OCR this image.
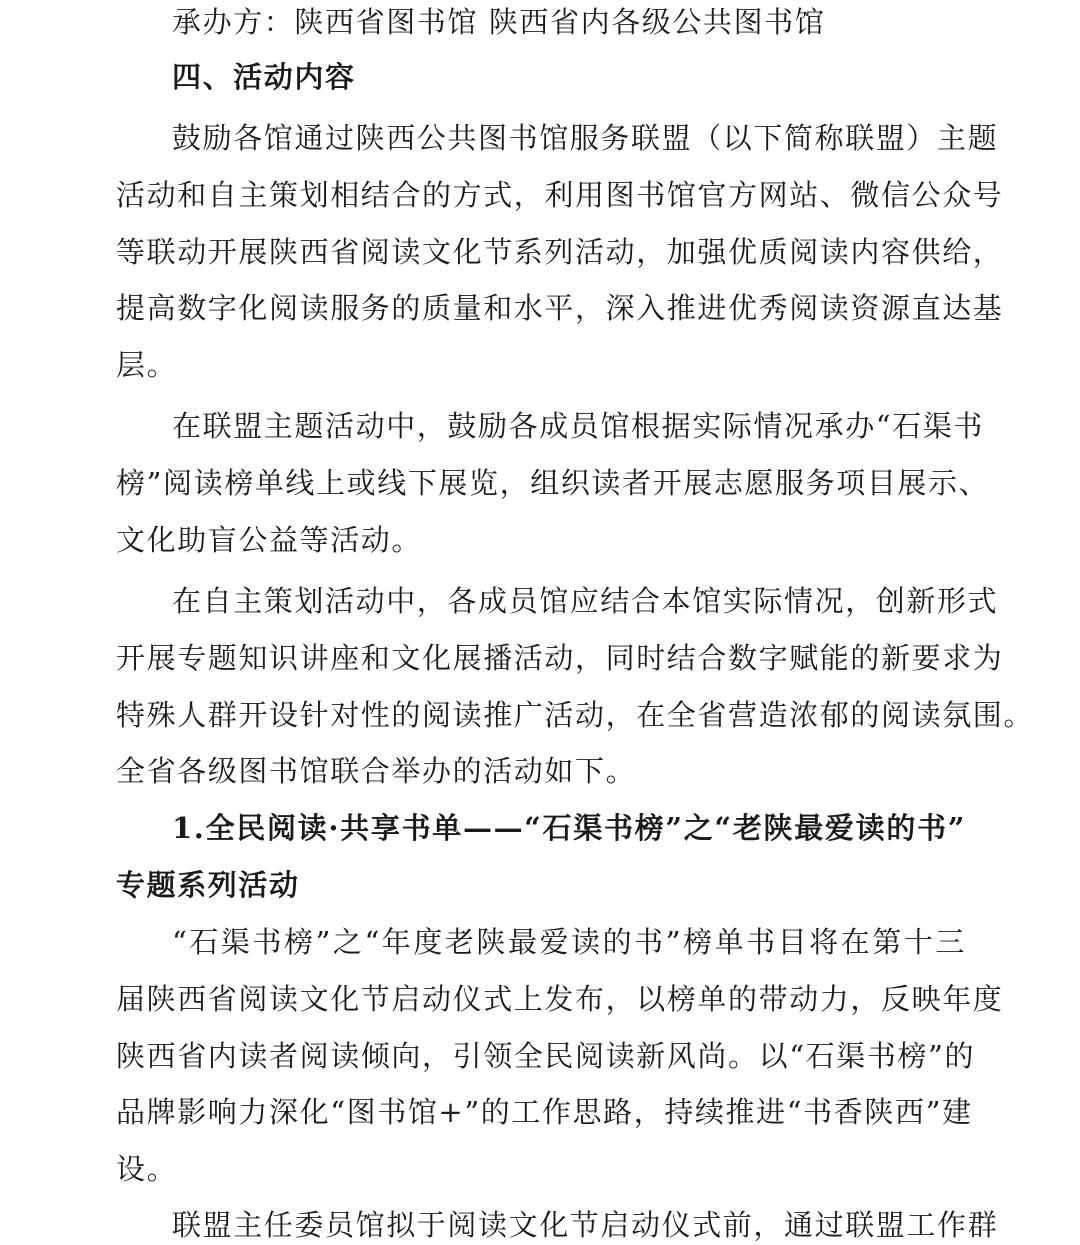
承办方：陕西省图书馆 陕西省内各级公共图书馆
四、活动内容
鼓励各馆通过陕西公共图书馆服务联盟（以下简称联盟）主题
活动和自主策划相结合的方式，利用图书馆官方网站、微信公众号
等联动开展陕西省阅读文化节系列活动，加强优质阅读内容供给，
提高数字化阅读服务的质量和水平，深入推进优秀阅读资源直达基
层。
在联盟主题活动中，鼓励各成员馆根据实际情况承办“石渠书
榜”阅读榜单线上或线下展览，组织读者开展志愿服务项目展示、
文化助盲公益等活动。
在自主策划活动中，各成员馆应结合本馆实际情况，创新形式
开展专题知识讲座和文化展播活动，同时结合数字赋能的新要求为
特殊人群开设针对性的阅读推广活动，在全省营造浓郁的阅读氛围。
全省各级图书馆联合举办的活动如下。
1.全民阅读·共享书单——“石渠书榜”之“老陕最爱读的书”
专题系列活动
“石渠书榜”之“年度老陕最爱读的书”榜单书目将在第十三
届陕西省阅读文化节启动仪式上发布，以榜单的带动力，反映年度
陕西省内读者阅读倾向，引领全民阅读新风尚。以“石渠书榜”的
品牌影响力深化“图书馆+”的工作思路，持续推进“书香陕西”建
设。
联盟主任委员馆拟于阅读文化节启动仪式前，通过联盟工作群
